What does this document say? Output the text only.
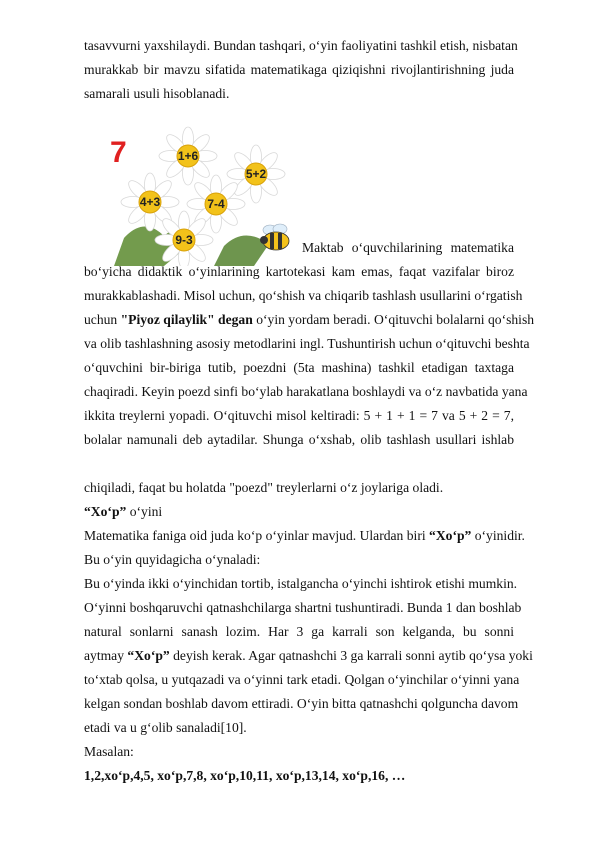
tasavvurni yaxshilaydi. Bundan tashqari, o‘yin faoliyatini tashkil etish, nisbatan
murakkab bir mavzu sifatida matematikaga qiziqishni rivojlantirishning juda
samarali usuli hisoblanadi.
7	1+6
5+2
4+3	7-4
9-3	Maktab o‘quvchilarining matematika
bo‘yicha didaktik o‘yinlarining kartotekasi kam emas, faqat vazifalar biroz
murakkablashadi. Misol uchun, qo‘shish va chiqarib tashlash usullarini o‘rgatish
uchun "Piyoz qilaylik" degan o‘yin yordam beradi. O‘qituvchi bolalarni qo‘shish
va olib tashlashning asosiy metodlarini ingl. Tushuntirish uchun o‘qituvchi beshta
o‘quvchini bir-biriga tutib, poezdni (5ta mashina) tashkil etadigan taxtaga
chaqiradi. Keyin poezd sinfi bo‘ylab harakatlana boshlaydi va o‘z navbatida yana
ikkita treylerni yopadi. O‘qituvchi misol keltiradi: 5 + 1 + 1 = 7 va 5 + 2 = 7,
bolalar namunali deb aytadilar. Shunga o‘xshab, olib tashlash usullari ishlab
chiqiladi, faqat bu holatda "poezd" treylerlarni o‘z joylariga oladi.
“Xo‘p” o‘yini
Matematika faniga oid juda ko‘p o‘yinlar mavjud. Ulardan biri “Xo‘p” o‘yinidir.
Bu o‘yin quyidagicha o‘ynaladi:
Bu o‘yinda ikki o‘yinchidan tortib, istalgancha o‘yinchi ishtirok etishi mumkin.
O‘yinni boshqaruvchi qatnashchilarga shartni tushuntiradi. Bunda 1 dan boshlab
natural sonlarni sanash lozim. Har 3 ga karrali son kelganda, bu sonni
aytmay “Xo‘p” deyish kerak. Agar qatnashchi 3 ga karrali sonni aytib qo‘ysa yoki
to‘xtab qolsa, u yutqazadi va o‘yinni tark etadi. Qolgan o‘yinchilar o‘yinni yana
kelgan sondan boshlab davom ettiradi. O‘yin bitta qatnashchi qolguncha davom
etadi va u g‘olib sanaladi[10].
Masalan:
1,2,xo‘p,4,5, xo‘p,7,8, xo‘p,10,11, xo‘p,13,14, xo‘p,16, …
